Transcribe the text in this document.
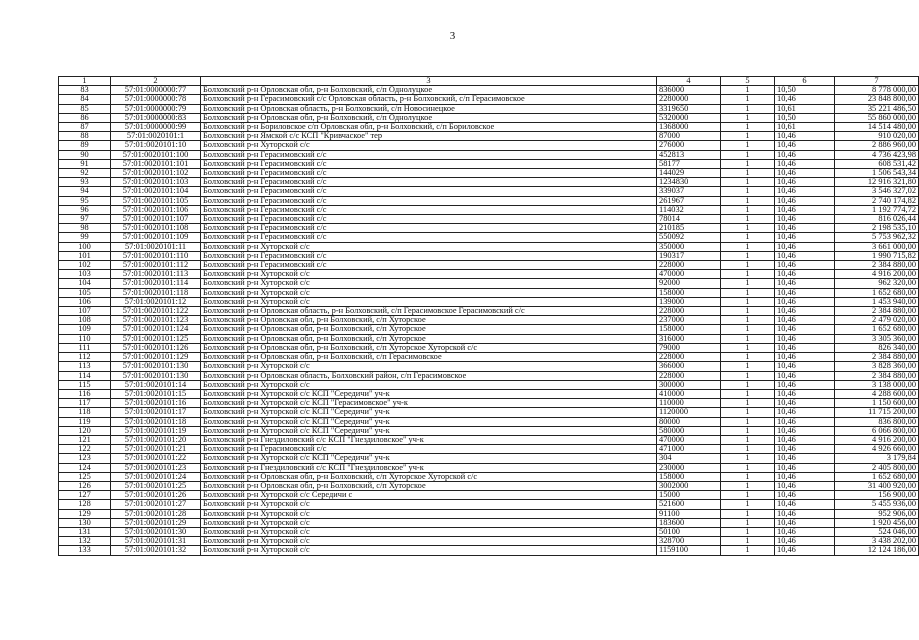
3
1	2	3	4	5	6	7
83	57:01:0000000:77	Болховский р-н Орловская обл, р-н Болховский, с/п Однолуцкое	836000	1	10,50	8 778 000,00
84	57:01:0000000:78	Болховский р-н Герасимовский с/с Орловская область, р-н Болховский, с/п Герасимовское	2280000	1	10,46	23 848 800,00
85	57:01:0000000:79	Болховский р-н Орловская область, р-н Болховский, с/п Новосинецкое	3319650	1	10,61	35 221 486,50
86	57:01:0000000:83	Болховский р-н Орловская обл, р-н Болховский, с/п Однолуцкое	5320000	1	10,50	55 860 000,00
87	57:01:0000000:99	Болховский р-н Бориловское с/п Орловская обл, р-н Болховский, с/п Бориловское	1368000	1	10,61	14 514 480,00
88	57:01:0020101:1	Болховский р-н Ямской с/с КСП "Кривчаское" тер	87000	1	10,46	910 020,00
89	57:01:0020101:10	Болховский р-н Хуторской с/с	276000	1	10,46	2 886 960,00
90	57:01:0020101:100	Болховский р-н Герасимовский с/с	452813	1	10,46	4 736 423,98
91	57:01:0020101:101	Болховский р-н Герасимовский с/с	58177	1	10,46	608 531,42
92	57:01:0020101:102	Болховский р-н Герасимовский с/с	144029	1	10,46	1 506 543,34
93	57:01:0020101:103	Болховский р-н Герасимовский с/с	1234830	1	10,46	12 916 321,80
94	57:01:0020101:104	Болховский р-н Герасимовский с/с	339037	1	10,46	3 546 327,02
95	57:01:0020101:105	Болховский р-н Герасимовский с/с	261967	1	10,46	2 740 174,82
96	57:01:0020101:106	Болховский р-н Герасимовский с/с	114032	1	10,46	1 192 774,72
97	57:01:0020101:107	Болховский р-н Герасимовский с/с	78014	1	10,46	816 026,44
98	57:01:0020101:108	Болховский р-н Герасимовский с/с	210185	1	10,46	2 198 535,10
99	57:01:0020101:109	Болховский р-н Герасимовский с/с	550092	1	10,46	5 753 962,32
100	57:01:0020101:11	Болховский р-н Хуторской с/с	350000	1	10,46	3 661 000,00
101	57:01:0020101:110	Болховский р-н Герасимовский с/с	190317	1	10,46	1 990 715,82
102	57:01:0020101:112	Болховский р-н Герасимовский с/с	228000	1	10,46	2 384 880,00
103	57:01:0020101:113	Болховский р-н Хуторской с/с	470000	1	10,46	4 916 200,00
104	57:01:0020101:114	Болховский р-н Хуторской с/с	92000	1	10,46	962 320,00
105	57:01:0020101:118	Болховский р-н Хуторской с/с	158000	1	10,46	1 652 680,00
106	57:01:0020101:12	Болховский р-н Хуторской с/с	139000	1	10,46	1 453 940,00
107	57:01:0020101:122	Болховский р-н Орловская область, р-н Болховский, с/п Герасимовское Герасимовский с/с	228000	1	10,46	2 384 880,00
108	57:01:0020101:123	Болховский р-н Орловская обл, р-н Болховский, с/п Хуторское	237000	1	10,46	2 479 020,00
109	57:01:0020101:124	Болховский р-н Орловская обл, р-н Болховский, с/п Хуторское	158000	1	10,46	1 652 680,00
110	57:01:0020101:125	Болховский р-н Орловская обл, р-н Болховский, с/п Хуторское	316000	1	10,46	3 305 360,00
111	57:01:0020101:126	Болховский р-н Орловская обл, р-н Болховский, с/п Хуторское Хуторской с/с	79000	1	10,46	826 340,00
112	57:01:0020101:129	Болховский р-н Орловская обл, р-н Болховский, с/п Герасимовское	228000	1	10,46	2 384 880,00
113	57:01:0020101:130	Болховский р-н Хуторской с/с	366000	1	10,46	3 828 360,00
114	57:01:0020101:130	Болховский р-н Орловская область, Болховский район, с/п Герасимовское	228000	1	10,46	2 384 880,00
115	57:01:0020101:14	Болховский р-н Хуторской с/с	300000	1	10,46	3 138 000,00
116	57:01:0020101:15	Болховский р-н Хуторской с/с КСП "Середичи" уч-к	410000	1	10,46	4 288 600,00
117	57:01:0020101:16	Болховский р-н Хуторской с/с КСП "Герасимовское" уч-к	110000	1	10,46	1 150 600,00
118	57:01:0020101:17	Болховский р-н Хуторской с/с КСП "Середичи" уч-к	1120000	1	10,46	11 715 200,00
119	57:01:0020101:18	Болховский р-н Хуторской с/с КСП "Середичи" уч-к	80000	1	10,46	836 800,00
120	57:01:0020101:19	Болховский р-н Хуторской с/с КСП "Середичи" уч-к	580000	1	10,46	6 066 800,00
121	57:01:0020101:20	Болховский р-н Гнездиловский с/с КСП "Гнездиловское" уч-к	470000	1	10,46	4 916 200,00
122	57:01:0020101:21	Болховский р-н Герасимовский с/с	471000	1	10,46	4 926 660,00
123	57:01:0020101:22	Болховский р-н Хуторской с/с КСП "Середичи" уч-к	304	1	10,46	3 179,84
124	57:01:0020101:23	Болховский р-н Гнездиловский с/с КСП "Гнездиловское" уч-к	230000	1	10,46	2 405 800,00
125	57:01:0020101:24	Болховский р-н Орловская обл, р-н Болховский, с/п Хуторское Хуторской с/с	158000	1	10,46	1 652 680,00
126	57:01:0020101:25	Болховский р-н Орловская обл, р-н Болховский, с/п Хуторское	3002000	1	10,46	31 400 920,00
127	57:01:0020101:26	Болховский р-н Хуторской с/с Середичи с	15000	1	10,46	156 900,00
128	57:01:0020101:27	Болховский р-н Хуторской с/с	521600	1	10,46	5 455 936,00
129	57:01:0020101:28	Болховский р-н Хуторской с/с	91100	1	10,46	952 906,00
130	57:01:0020101:29	Болховский р-н Хуторской с/с	183600	1	10,46	1 920 456,00
131	57:01:0020101:30	Болховский р-н Хуторской с/с	50100	1	10,46	524 046,00
132	57:01:0020101:31	Болховский р-н Хуторской с/с	328700	1	10,46	3 438 202,00
133	57:01:0020101:32	Болховский р-н Хуторской с/с	1159100	1	10,46	12 124 186,00
